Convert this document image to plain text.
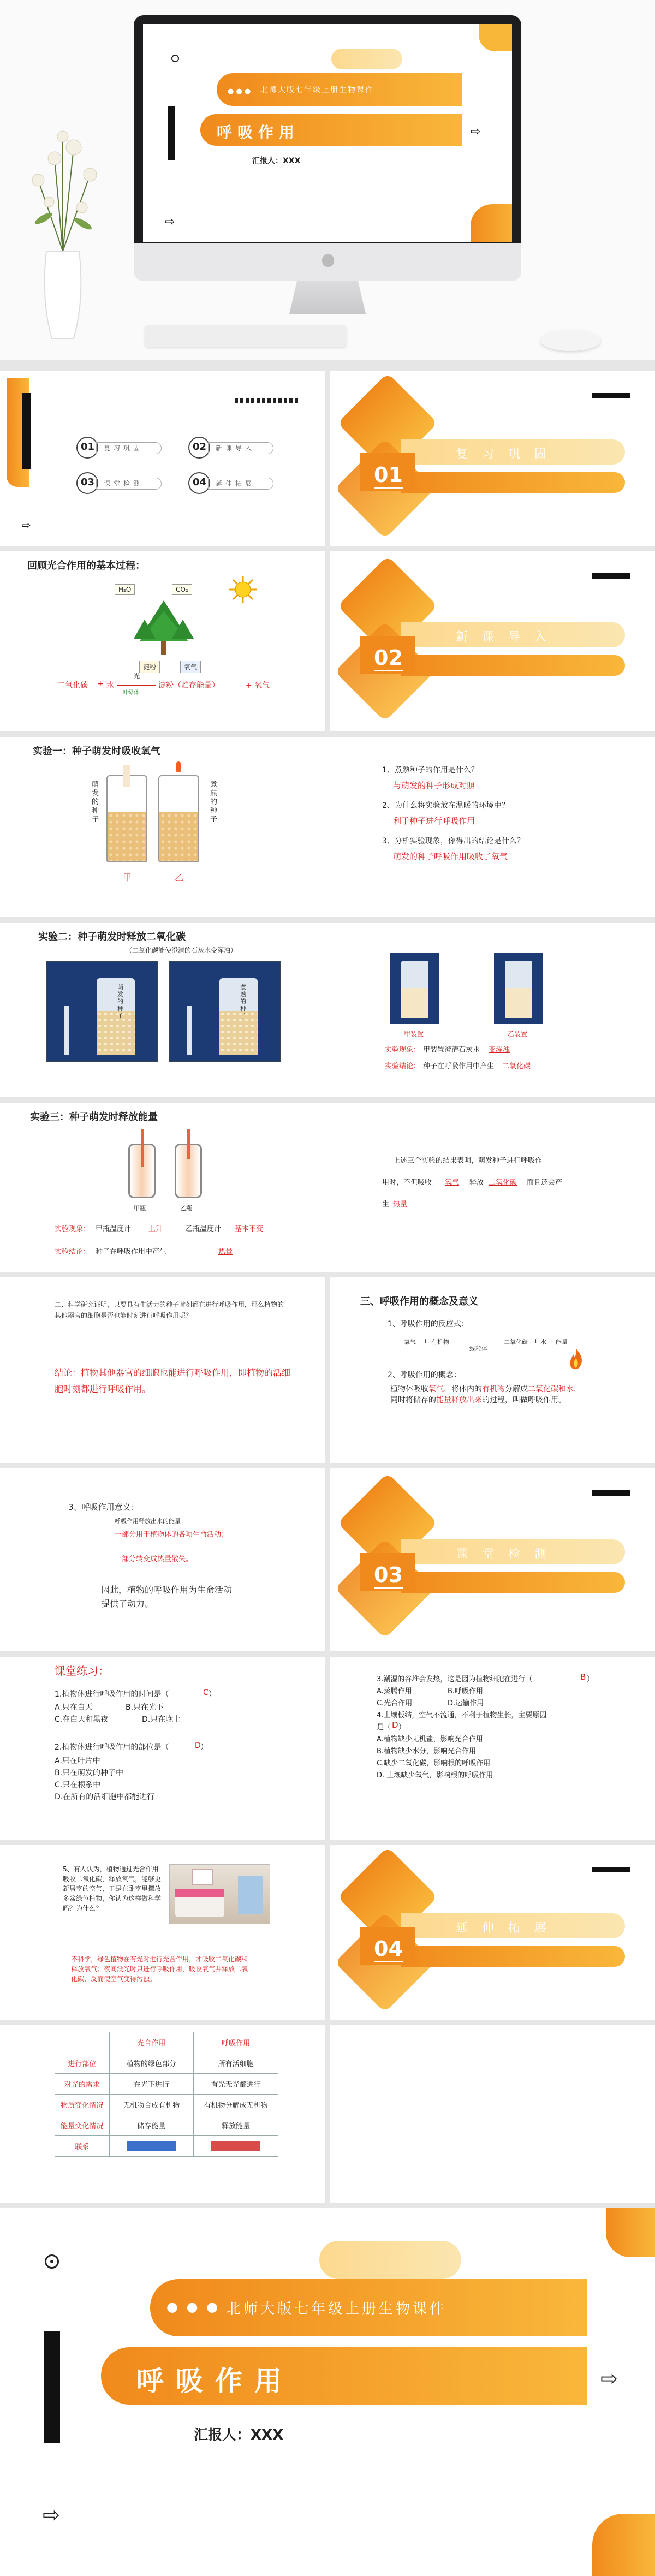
● ● ● 北师大版七年级上册生物课件
呼吸作用	⇨
汇报人：XXX
⇨
01 复习巩固	02 新课导入
03 课堂检测	04 延伸拓展
⇨
01
复习巩固
回顾光合作用的基本过程：
H₂O	CO₂
淀粉	氧气
二氧化碳 + 水
光
叶绿体
淀粉（贮存能量）	+ 氧气
02
新课导入
实验一：种子萌发时吸收氧气
萌发的种子
煮熟的种子
甲	乙
1、煮熟种子的作用是什么？
与萌发的种子形成对照
2、为什么将实验放在温暖的环境中？
利于种子进行呼吸作用
3、分析实验现象，你得出的结论是什么？
萌发的种子呼吸作用吸收了氧气
实验二：种子萌发时释放二氧化碳
（二氧化碳能使澄清的石灰水变浑浊）
萌发的种子
煮熟的种子
甲装置	乙装置
实验现象： 甲装置澄清石灰水 变浑浊
实验结论： 种子在呼吸作用中产生 二氧化碳
实验三：种子萌发时释放能量
甲瓶	乙瓶
实验现象： 甲瓶温度计	上升	乙瓶温度计 基本不变
实验结论： 种子在呼吸作用中产生	热量
上述三个实验的结果表明，萌发种子进行呼吸作
用时，不但吸收 氧气 释放 二氧化碳 而且还会产
生 热量
二、科学研究证明，只要具有生活力的种子时刻都在进行呼吸作用，那么植物的其他器官的细胞是否也能时刻进行呼吸作用呢？
结论：植物其他器官的细胞也能进行呼吸作用，即植物的活细胞时刻都进行呼吸作用。
三、呼吸作用的概念及意义
1、呼吸作用的反应式：
氧气 + 有机物
线粒体
二氧化碳 + 水 + 能量
2、呼吸作用的概念：
植物体吸收氧气，将体内的有机物分解成二氧化碳和水，同时将储存的能量释放出来的过程，叫做呼吸作用。
3、呼吸作用意义：
呼吸作用释放出来的能量：
一部分用于植物体的各项生命活动；
一部分转变成热量散失。
因此，植物的呼吸作用为生命活动
提供了动力。
03
课堂检测
课堂练习：
1.植物体进行呼吸作用的时间是（	C ）
A.只在白天	B.只在光下
C.在白天和黑夜	D.只在晚上
2.植物体进行呼吸作用的部位是（	D ）
A.只在叶片中
B.只在萌发的种子中
C.只在根系中
D.在所有的活细胞中都能进行
3.潮湿的谷堆会发热，这是因为植物细胞在进行（	B ）
A.蒸腾作用	B.呼吸作用
C.光合作用	D.运输作用
4.土壤板结，空气不流通，不利于植物生长，主要原因
是（ D ）
A.植物缺少无机盐，影响光合作用
B.植物缺少水分，影响光合作用
C.缺少二氧化碳，影响根的呼吸作用
D. 土壤缺少氧气，影响根的呼吸作用
5、有人认为，植物通过光合作用吸收二氧化碳，释放氧气，能够更新居室的空气，于是在卧室里摆放多盆绿色植物，你认为这样做科学吗？为什么？
不科学，绿色植物在有光时进行光合作用，才吸收二氧化碳和释放氧气；夜间没光时只进行呼吸作用，吸收氧气并释放二氧化碳，反而使空气变得污浊。
04
延伸拓展
	光合作用	呼吸作用
进行部位	植物的绿色部分	所有活细胞
对光的需求	在光下进行	有光无光都进行
物质变化情况	无机物合成有机物	有机物分解成无机物
能量变化情况	储存能量	释放能量
联系	

● ● ● 北师大版七年级上册生物课件
呼吸作用	⇨
汇报人：XXX
⇨
